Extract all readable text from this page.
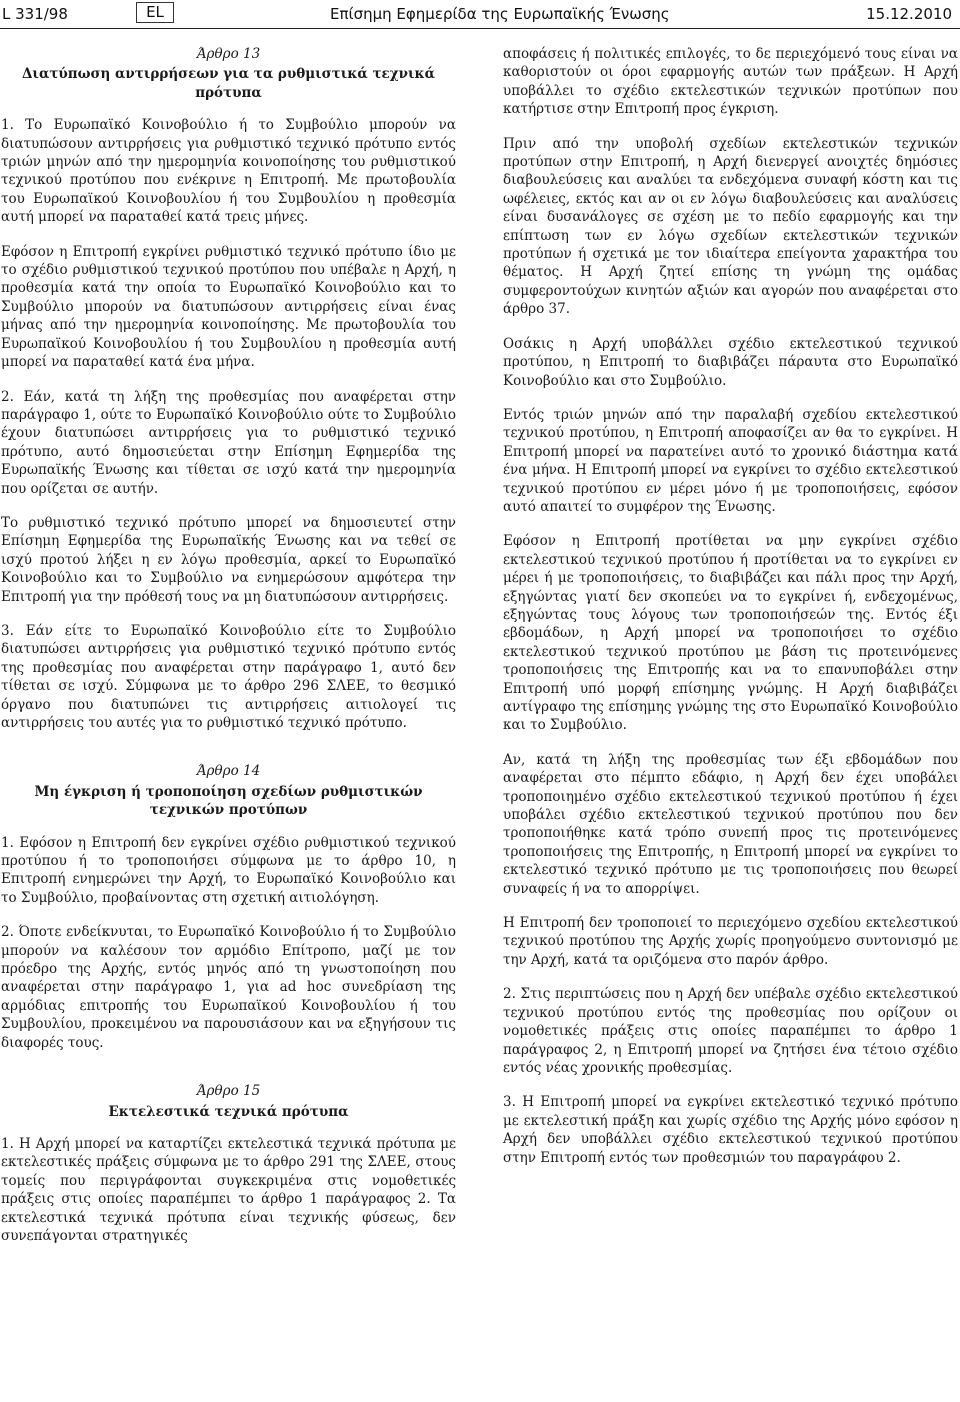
L 331/98	EL	Επίσημη Εφημερίδα της Ευρωπαϊκής Ένωσης	15.12.2010
Άρθρο 13
Διατύπωση αντιρρήσεων για τα ρυθμιστικά τεχνικά πρότυπα

1. Το Ευρωπαϊκό Κοινοβούλιο ή το Συμβούλιο μπορούν να διατυπώσουν αντιρρήσεις για ρυθμιστικό τεχνικό πρότυπο εντός τριών μηνών από την ημερομηνία κοινοποίησης του ρυθμιστικού τεχνικού προτύπου που ενέκρινε η Επιτροπή. Με πρωτοβουλία του Ευρωπαϊκού Κοινοβουλίου ή του Συμβουλίου η προθεσμία αυτή μπορεί να παραταθεί κατά τρεις μήνες.

Εφόσον η Επιτροπή εγκρίνει ρυθμιστικό τεχνικό πρότυπο ίδιο με το σχέδιο ρυθμιστικού τεχνικού προτύπου που υπέβαλε η Αρχή, η προθεσμία κατά την οποία το Ευρωπαϊκό Κοινοβούλιο και το Συμβούλιο μπορούν να διατυπώσουν αντιρρήσεις είναι ένας μήνας από την ημερομηνία κοινοποίησης. Με πρωτοβουλία του Ευρωπαϊκού Κοινοβουλίου ή του Συμβουλίου η προθεσμία αυτή μπορεί να παραταθεί κατά ένα μήνα.

2. Εάν, κατά τη λήξη της προθεσμίας που αναφέρεται στην παράγραφο 1, ούτε το Ευρωπαϊκό Κοινοβούλιο ούτε το Συμβούλιο έχουν διατυπώσει αντιρρήσεις για το ρυθμιστικό τεχνικό πρότυπο, αυτό δημοσιεύεται στην Επίσημη Εφημερίδα της Ευρωπαϊκής Ένωσης και τίθεται σε ισχύ κατά την ημερομηνία που ορίζεται σε αυτήν.

Το ρυθμιστικό τεχνικό πρότυπο μπορεί να δημοσιευτεί στην Επίσημη Εφημερίδα της Ευρωπαϊκής Ένωσης και να τεθεί σε ισχύ προτού λήξει η εν λόγω προθεσμία, αρκεί το Ευρωπαϊκό Κοινοβούλιο και το Συμβούλιο να ενημερώσουν αμφότερα την Επιτροπή για την πρόθεσή τους να μη διατυπώσουν αντιρρήσεις.

3. Εάν είτε το Ευρωπαϊκό Κοινοβούλιο είτε το Συμβούλιο διατυπώσει αντιρρήσεις για ρυθμιστικό τεχνικό πρότυπο εντός της προθεσμίας που αναφέρεται στην παράγραφο 1, αυτό δεν τίθεται σε ισχύ. Σύμφωνα με το άρθρο 296 ΣΛΕΕ, το θεσμικό όργανο που διατυπώνει τις αντιρρήσεις αιτιολογεί τις αντιρρήσεις του αυτές για το ρυθμιστικό τεχνικό πρότυπο.

Άρθρο 14
Μη έγκριση ή τροποποίηση σχεδίων ρυθμιστικών τεχνικών προτύπων

1. Εφόσον η Επιτροπή δεν εγκρίνει σχέδιο ρυθμιστικού τεχνικού προτύπου ή το τροποποιήσει σύμφωνα με το άρθρο 10, η Επιτροπή ενημερώνει την Αρχή, το Ευρωπαϊκό Κοινοβούλιο και το Συμβούλιο, προβαίνοντας στη σχετική αιτιολόγηση.

2. Όποτε ενδείκνυται, το Ευρωπαϊκό Κοινοβούλιο ή το Συμβούλιο μπορούν να καλέσουν τον αρμόδιο Επίτροπο, μαζί με τον πρόεδρο της Αρχής, εντός μηνός από τη γνωστοποίηση που αναφέρεται στην παράγραφο 1, για ad hoc συνεδρίαση της αρμόδιας επιτροπής του Ευρωπαϊκού Κοινοβουλίου ή του Συμβουλίου, προκειμένου να παρουσιάσουν και να εξηγήσουν τις διαφορές τους.

Άρθρο 15
Εκτελεστικά τεχνικά πρότυπα

1. Η Αρχή μπορεί να καταρτίζει εκτελεστικά τεχνικά πρότυπα με εκτελεστικές πράξεις σύμφωνα με το άρθρο 291 της ΣΛΕΕ, στους τομείς που περιγράφονται συγκεκριμένα στις νομοθετικές πράξεις στις οποίες παραπέμπει το άρθρο 1 παράγραφος 2. Τα εκτελεστικά τεχνικά πρότυπα είναι τεχνικής φύσεως, δεν συνεπάγονται στρατηγικές

αποφάσεις ή πολιτικές επιλογές, το δε περιεχόμενό τους είναι να καθοριστούν οι όροι εφαρμογής αυτών των πράξεων. Η Αρχή υποβάλλει το σχέδιο εκτελεστικών τεχνικών προτύπων που κατήρτισε στην Επιτροπή προς έγκριση.

Πριν από την υποβολή σχεδίων εκτελεστικών τεχνικών προτύπων στην Επιτροπή, η Αρχή διενεργεί ανοιχτές δημόσιες διαβουλεύσεις και αναλύει τα ενδεχόμενα συναφή κόστη και τις ωφέλειες, εκτός και αν οι εν λόγω διαβουλεύσεις και αναλύσεις είναι δυσανάλογες σε σχέση με το πεδίο εφαρμογής και την επίπτωση των εν λόγω σχεδίων εκτελεστικών τεχνικών προτύπων ή σχετικά με τον ιδιαίτερα επείγοντα χαρακτήρα του θέματος. Η Αρχή ζητεί επίσης τη γνώμη της ομάδας συμφεροντούχων κινητών αξιών και αγορών που αναφέρεται στο άρθρο 37.

Οσάκις η Αρχή υποβάλλει σχέδιο εκτελεστικού τεχνικού προτύπου, η Επιτροπή το διαβιβάζει πάραυτα στο Ευρωπαϊκό Κοινοβούλιο και στο Συμβούλιο.

Εντός τριών μηνών από την παραλαβή σχεδίου εκτελεστικού τεχνικού προτύπου, η Επιτροπή αποφασίζει αν θα το εγκρίνει. Η Επιτροπή μπορεί να παρατείνει αυτό το χρονικό διάστημα κατά ένα μήνα. Η Επιτροπή μπορεί να εγκρίνει το σχέδιο εκτελεστικού τεχνικού προτύπου εν μέρει μόνο ή με τροποποιήσεις, εφόσον αυτό απαιτεί το συμφέρον της Ένωσης.

Εφόσον η Επιτροπή προτίθεται να μην εγκρίνει σχέδιο εκτελεστικού τεχνικού προτύπου ή προτίθεται να το εγκρίνει εν μέρει ή με τροποποιήσεις, το διαβιβάζει και πάλι προς την Αρχή, εξηγώντας γιατί δεν σκοπεύει να το εγκρίνει ή, ενδεχομένως, εξηγώντας τους λόγους των τροποποιήσεών της. Εντός έξι εβδομάδων, η Αρχή μπορεί να τροποποιήσει το σχέδιο εκτελεστικού τεχνικού προτύπου με βάση τις προτεινόμενες τροποποιήσεις της Επιτροπής και να το επανυποβάλει στην Επιτροπή υπό μορφή επίσημης γνώμης. Η Αρχή διαβιβάζει αντίγραφο της επίσημης γνώμης της στο Ευρωπαϊκό Κοινοβούλιο και το Συμβούλιο.

Αν, κατά τη λήξη της προθεσμίας των έξι εβδομάδων που αναφέρεται στο πέμπτο εδάφιο, η Αρχή δεν έχει υποβάλει τροποποιημένο σχέδιο εκτελεστικού τεχνικού προτύπου ή έχει υποβάλει σχέδιο εκτελεστικού τεχνικού προτύπου που δεν τροποποιήθηκε κατά τρόπο συνεπή προς τις προτεινόμενες τροποποιήσεις της Επιτροπής, η Επιτροπή μπορεί να εγκρίνει το εκτελεστικό τεχνικό πρότυπο με τις τροποποιήσεις που θεωρεί συναφείς ή να το απορρίψει.

Η Επιτροπή δεν τροποποιεί το περιεχόμενο σχεδίου εκτελεστικού τεχνικού προτύπου της Αρχής χωρίς προηγούμενο συντονισμό με την Αρχή, κατά τα οριζόμενα στο παρόν άρθρο.

2. Στις περιπτώσεις που η Αρχή δεν υπέβαλε σχέδιο εκτελεστικού τεχνικού προτύπου εντός της προθεσμίας που ορίζουν οι νομοθετικές πράξεις στις οποίες παραπέμπει το άρθρο 1 παράγραφος 2, η Επιτροπή μπορεί να ζητήσει ένα τέτοιο σχέδιο εντός νέας χρονικής προθεσμίας.

3. Η Επιτροπή μπορεί να εγκρίνει εκτελεστικό τεχνικό πρότυπο με εκτελεστική πράξη και χωρίς σχέδιο της Αρχής μόνο εφόσον η Αρχή δεν υποβάλλει σχέδιο εκτελεστικού τεχνικού προτύπου στην Επιτροπή εντός των προθεσμιών του παραγράφου 2.
